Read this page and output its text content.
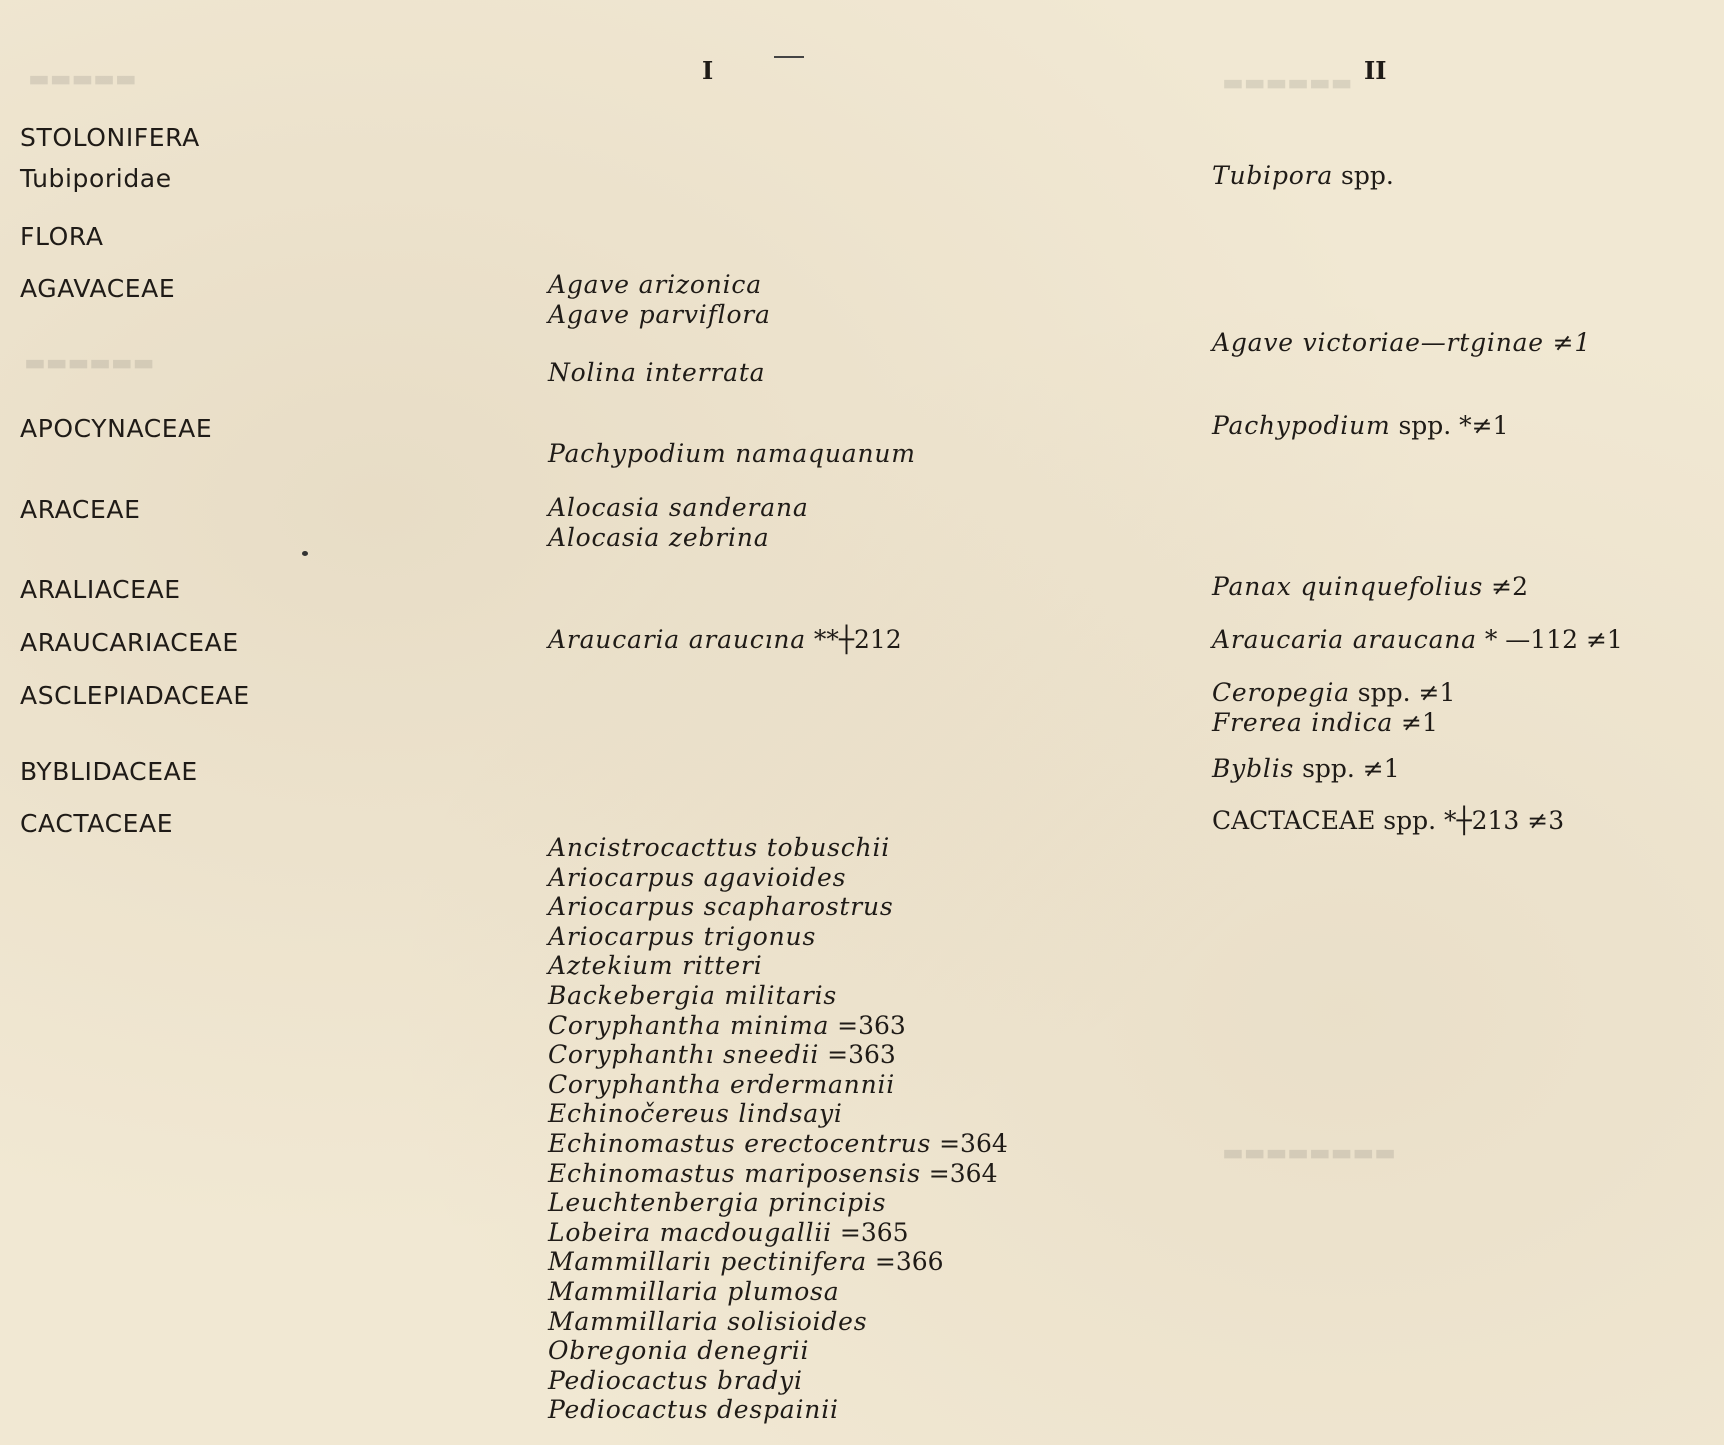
▬▬▬▬▬	▬▬▬▬▬▬
▬▬▬▬▬▬
▬▬▬▬▬▬▬▬
I	II
STOLONIFERA
Tubiporidae
FLORA
AGAVACEAE
APOCYNACEAE
ARACEAE
ARALIACEAE
ARAUCARIACEAE
ASCLEPIADACEAE
BYBLIDACEAE
CACTACEAE
Agave arizonica
Agave parviflora
Nolina interrata
Pachypodium namaquanum
Alocasia sanderana
Alocasia zebrina
Araucaria araucına **┼212
Ancistrocacttus tobuschii
Ariocarpus agavioides
Ariocarpus scapharostrus
Ariocarpus trigonus
Aztekium ritteri
Backebergia militaris
Coryphantha minima =363
Coryphanthı sneedii =363
Coryphantha erdermannii
Echinočereus lindsayi
Echinomastus erectocentrus =364
Echinomastus mariposensis =364
Leuchtenbergia principis
Lobeira macdougallii =365
Mammillariı pectinifera =366
Mammillaria plumosa
Mammillaria solisioides
Obregonia denegrii
Pediocactus bradyi
Pediocactus despainii
Tubipora spp.
Agave victoriae—rtginae ≠1
Pachypodium spp. *≠1
Panax quinquefolius ≠2
Araucaria araucana * —112 ≠1
Ceropegia spp. ≠1
Frerea indica ≠1
Byblis spp. ≠1
CACTACEAE spp. *┼213 ≠3
